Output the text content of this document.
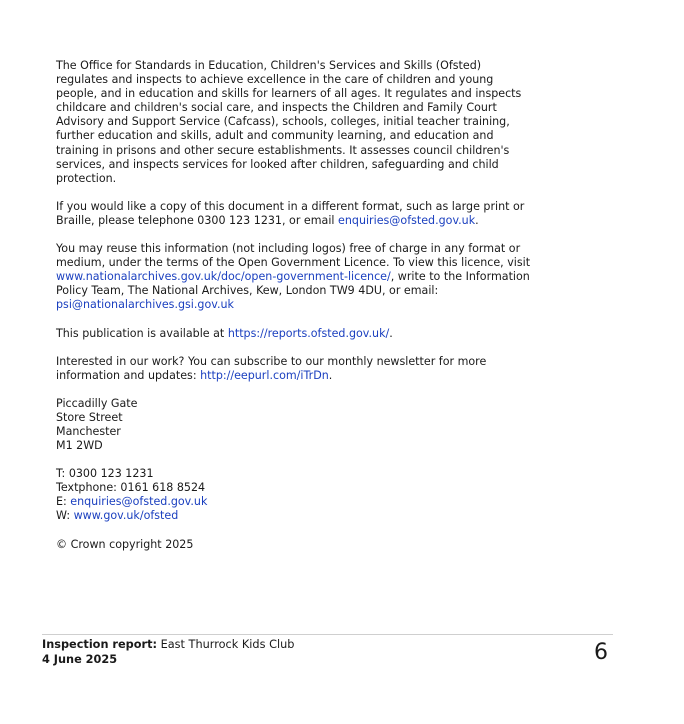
The Office for Standards in Education, Children's Services and Skills (Ofsted) regulates and inspects to achieve excellence in the care of children and young people, and in education and skills for learners of all ages. It regulates and inspects childcare and children's social care, and inspects the Children and Family Court Advisory and Support Service (Cafcass), schools, colleges, initial teacher training, further education and skills, adult and community learning, and education and training in prisons and other secure establishments. It assesses council children's services, and inspects services for looked after children, safeguarding and child protection.

If you would like a copy of this document in a different format, such as large print or Braille, please telephone 0300 123 1231, or email enquiries@ofsted.gov.uk.

You may reuse this information (not including logos) free of charge in any format or medium, under the terms of the Open Government Licence. To view this licence, visit www.nationalarchives.gov.uk/doc/open-government-licence/, write to the Information Policy Team, The National Archives, Kew, London TW9 4DU, or email: psi@nationalarchives.gsi.gov.uk

This publication is available at https://reports.ofsted.gov.uk/.

Interested in our work? You can subscribe to our monthly newsletter for more information and updates: http://eepurl.com/iTrDn.

Piccadilly Gate
Store Street
Manchester
M1 2WD

T: 0300 123 1231
Textphone: 0161 618 8524
E: enquiries@ofsted.gov.uk
W: www.gov.uk/ofsted

© Crown copyright 2025

Inspection report: East Thurrock Kids Club
4 June 2025	6
